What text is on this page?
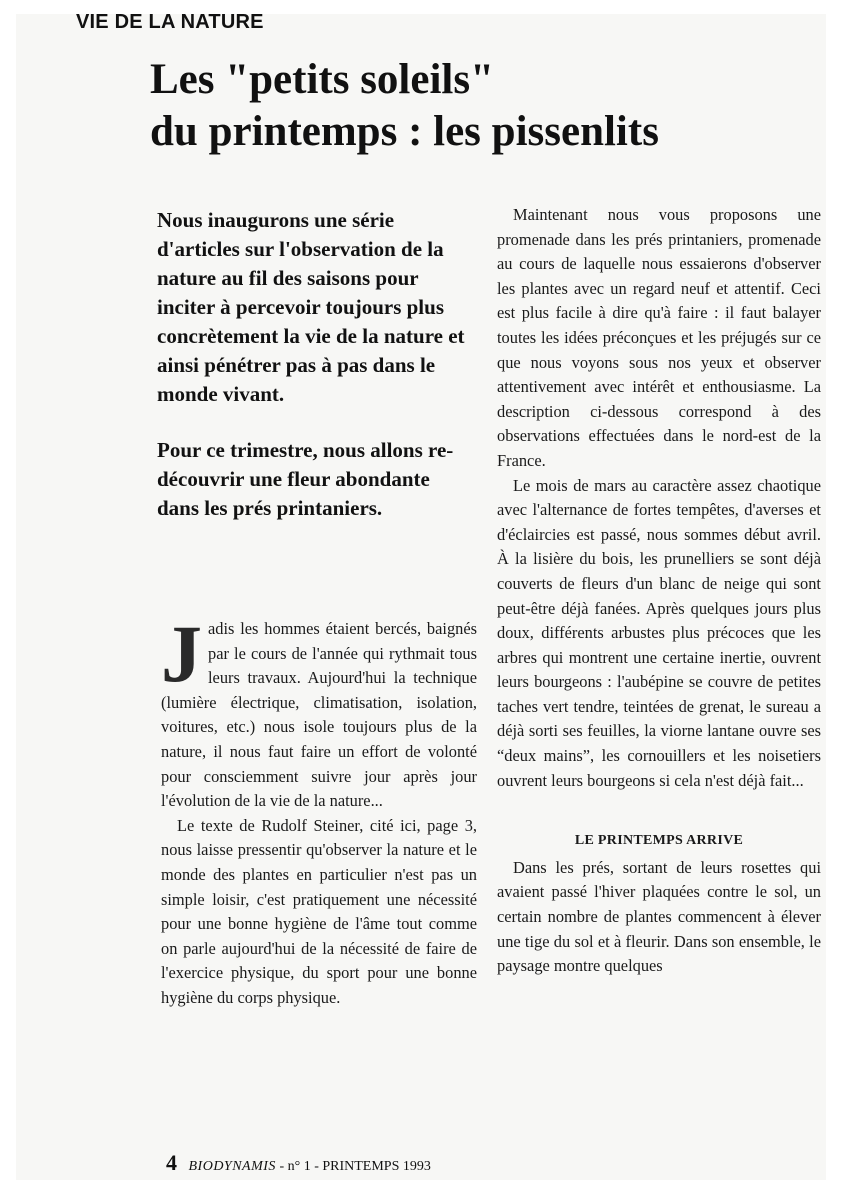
VIE DE LA NATURE
Les "petits soleils"
du printemps : les pissenlits

Nous inaugurons une série d'articles sur l'observation de la nature au fil des saisons pour inciter à percevoir toujours plus concrètement la vie de la nature et ainsi pénétrer pas à pas dans le monde vivant.

Pour ce trimestre, nous allons re-découvrir une fleur abondante dans les prés printaniers.

Jadis les hommes étaient bercés, baignés par le cours de l'année qui rythmait tous leurs travaux. Aujourd'hui la technique (lumière électrique, climatisation, isolation, voitures, etc.) nous isole toujours plus de la nature, il nous faut faire un effort de volonté pour consciemment suivre jour après jour l'évolution de la vie de la nature...

Le texte de Rudolf Steiner, cité ici, page 3, nous laisse pressentir qu'observer la nature et le monde des plantes en particulier n'est pas un simple loisir, c'est pratiquement une nécessité pour une bonne hygiène de l'âme tout comme on parle aujourd'hui de la nécessité de faire de l'exercice physique, du sport pour une bonne hygiène du corps physique.

Maintenant nous vous proposons une promenade dans les prés printaniers, promenade au cours de laquelle nous essaierons d'observer les plantes avec un regard neuf et attentif. Ceci est plus facile à dire qu'à faire : il faut balayer toutes les idées préconçues et les préjugés sur ce que nous voyons sous nos yeux et observer attentivement avec intérêt et enthousiasme. La description ci-dessous correspond à des observations effectuées dans le nord-est de la France.

Le mois de mars au caractère assez chaotique avec l'alternance de fortes tempêtes, d'averses et d'éclaircies est passé, nous sommes début avril. À la lisière du bois, les prunelliers se sont déjà couverts de fleurs d'un blanc de neige qui sont peut-être déjà fanées. Après quelques jours plus doux, différents arbustes plus précoces que les arbres qui montrent une certaine inertie, ouvrent leurs bourgeons : l'aubépine se couvre de petites taches vert tendre, teintées de grenat, le sureau a déjà sorti ses feuilles, la viorne lantane ouvre ses “deux mains”, les cornouillers et les noisetiers ouvrent leurs bourgeons si cela n'est déjà fait...

LE PRINTEMPS ARRIVE

Dans les prés, sortant de leurs rosettes qui avaient passé l'hiver plaquées contre le sol, un certain nombre de plantes commencent à élever une tige du sol et à fleurir. Dans son ensemble, le paysage montre quelques

4 BIODYNAMIS - n° 1 - PRINTEMPS 1993
